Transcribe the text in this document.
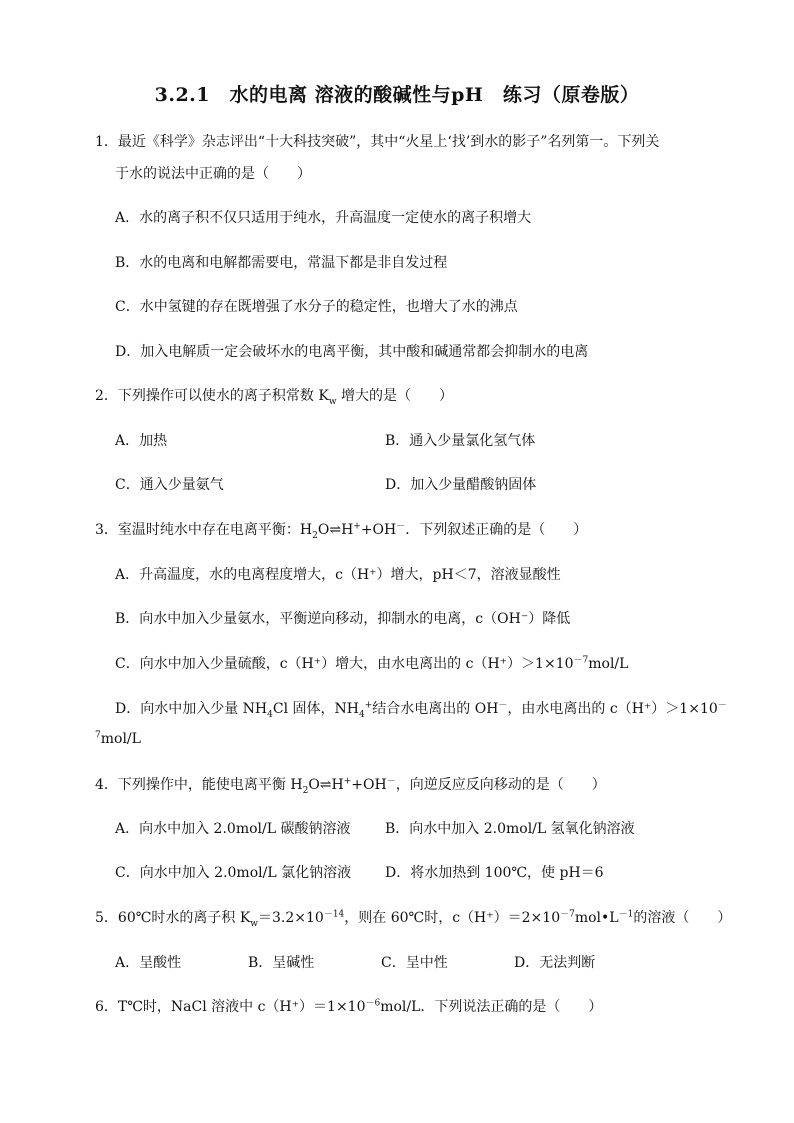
3.2.1　水的电离 溶液的酸碱性与pH　练习（原卷版）
1．最近《科学》杂志评出“十大科技突破”，其中“火星上‘找’到水的影子”名列第一。下列关
于水的说法中正确的是（　　）
A．水的离子积不仅只适用于纯水，升高温度一定使水的离子积增大
B．水的电离和电解都需要电，常温下都是非自发过程
C．水中氢键的存在既增强了水分子的稳定性，也增大了水的沸点
D．加入电解质一定会破坏水的电离平衡，其中酸和碱通常都会抑制水的电离
2．下列操作可以使水的离子积常数 $K_w$ 增大的是（　　）
A．加热	B．通入少量氯化氢气体
C．通入少量氨气	D．加入少量醋酸钠固体
3．室温时纯水中存在电离平衡：$H_2O\rightleftharpoons H^++OH^-$．下列叙述正确的是（　　）
A．升高温度，水的电离程度增大，c（H⁺）增大，pH＜7，溶液显酸性
B．向水中加入少量氨水，平衡逆向移动，抑制水的电离，c（OH⁻）降低
C．向水中加入少量硫酸，c（H⁺）增大，由水电离出的 $c(H^+)>1\times 10^{-7}mol/L$
D．向水中加入少量 $NH_4Cl$ 固体，$NH_4^+$结合水电离出的 OH－，由水电离出的 c（H⁺）＞1×10－
$^7$mol/L
4．下列操作中，能使电离平衡 $H_2O\rightleftharpoons H^++OH^-$，向逆反应反向移动的是（　　）
A．向水中加入 2.0mol/L 碳酸钠溶液 B．向水中加入 2.0mol/L 氢氧化钠溶液
C．向水中加入 2.0mol/L 氯化钠溶液 D．将水加热到 100℃，使 pH＝6
5．60℃时水的离子积 $K_w=3.2\times 10^{-14}$，则在 60℃时，$c(H^+)=2\times 10^{-7}mol•L^{-1}$的溶液（　　）
A．呈酸性	B．呈碱性	C．呈中性	D．无法判断
6．T℃时，NaCl 溶液中 $c(H^+)=1\times 10^{-6}mol/L$．下列说法正确的是（　　）
